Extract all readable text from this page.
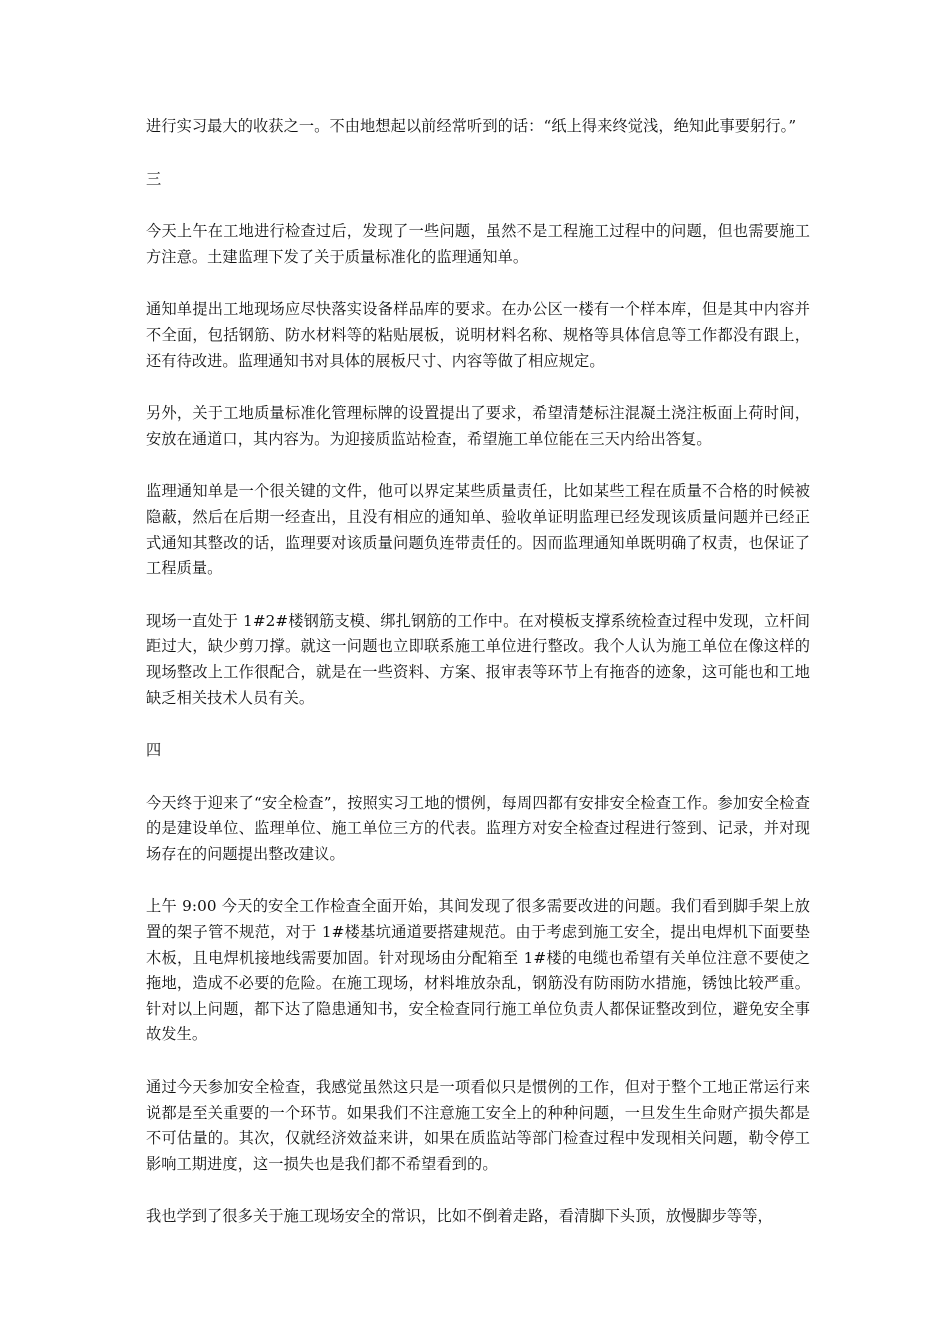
进行实习最大的收获之一。不由地想起以前经常听到的话：“纸上得来终觉浅，绝知此事要躬行。”

三

今天上午在工地进行检查过后，发现了一些问题，虽然不是工程施工过程中的问题，但也需要施工方注意。土建监理下发了关于质量标准化的监理通知单。

通知单提出工地现场应尽快落实设备样品库的要求。在办公区一楼有一个样本库，但是其中内容并不全面，包括钢筋、防水材料等的粘贴展板，说明材料名称、规格等具体信息等工作都没有跟上，还有待改进。监理通知书对具体的展板尺寸、内容等做了相应规定。

另外，关于工地质量标准化管理标牌的设置提出了要求，希望清楚标注混凝土浇注板面上荷时间，安放在通道口，其内容为。为迎接质监站检查，希望施工单位能在三天内给出答复。

监理通知单是一个很关键的文件，他可以界定某些质量责任，比如某些工程在质量不合格的时候被隐蔽，然后在后期一经查出，且没有相应的通知单、验收单证明监理已经发现该质量问题并已经正式通知其整改的话，监理要对该质量问题负连带责任的。因而监理通知单既明确了权责，也保证了工程质量。

现场一直处于 1#2#楼钢筋支模、绑扎钢筋的工作中。在对模板支撑系统检查过程中发现，立杆间距过大，缺少剪刀撑。就这一问题也立即联系施工单位进行整改。我个人认为施工单位在像这样的现场整改上工作很配合，就是在一些资料、方案、报审表等环节上有拖沓的迹象，这可能也和工地缺乏相关技术人员有关。

四

今天终于迎来了“安全检查”，按照实习工地的惯例，每周四都有安排安全检查工作。参加安全检查的是建设单位、监理单位、施工单位三方的代表。监理方对安全检查过程进行签到、记录，并对现场存在的问题提出整改建议。

上午 9:00 今天的安全工作检查全面开始，其间发现了很多需要改进的问题。我们看到脚手架上放置的架子管不规范，对于 1#楼基坑通道要搭建规范。由于考虑到施工安全，提出电焊机下面要垫木板，且电焊机接地线需要加固。针对现场由分配箱至 1#楼的电缆也希望有关单位注意不要使之拖地，造成不必要的危险。在施工现场，材料堆放杂乱，钢筋没有防雨防水措施，锈蚀比较严重。针对以上问题，都下达了隐患通知书，安全检查同行施工单位负责人都保证整改到位，避免安全事故发生。

通过今天参加安全检查，我感觉虽然这只是一项看似只是惯例的工作，但对于整个工地正常运行来说都是至关重要的一个环节。如果我们不注意施工安全上的种种问题，一旦发生生命财产损失都是不可估量的。其次，仅就经济效益来讲，如果在质监站等部门检查过程中发现相关问题，勒令停工影响工期进度，这一损失也是我们都不希望看到的。

我也学到了很多关于施工现场安全的常识，比如不倒着走路，看清脚下头顶，放慢脚步等等，
